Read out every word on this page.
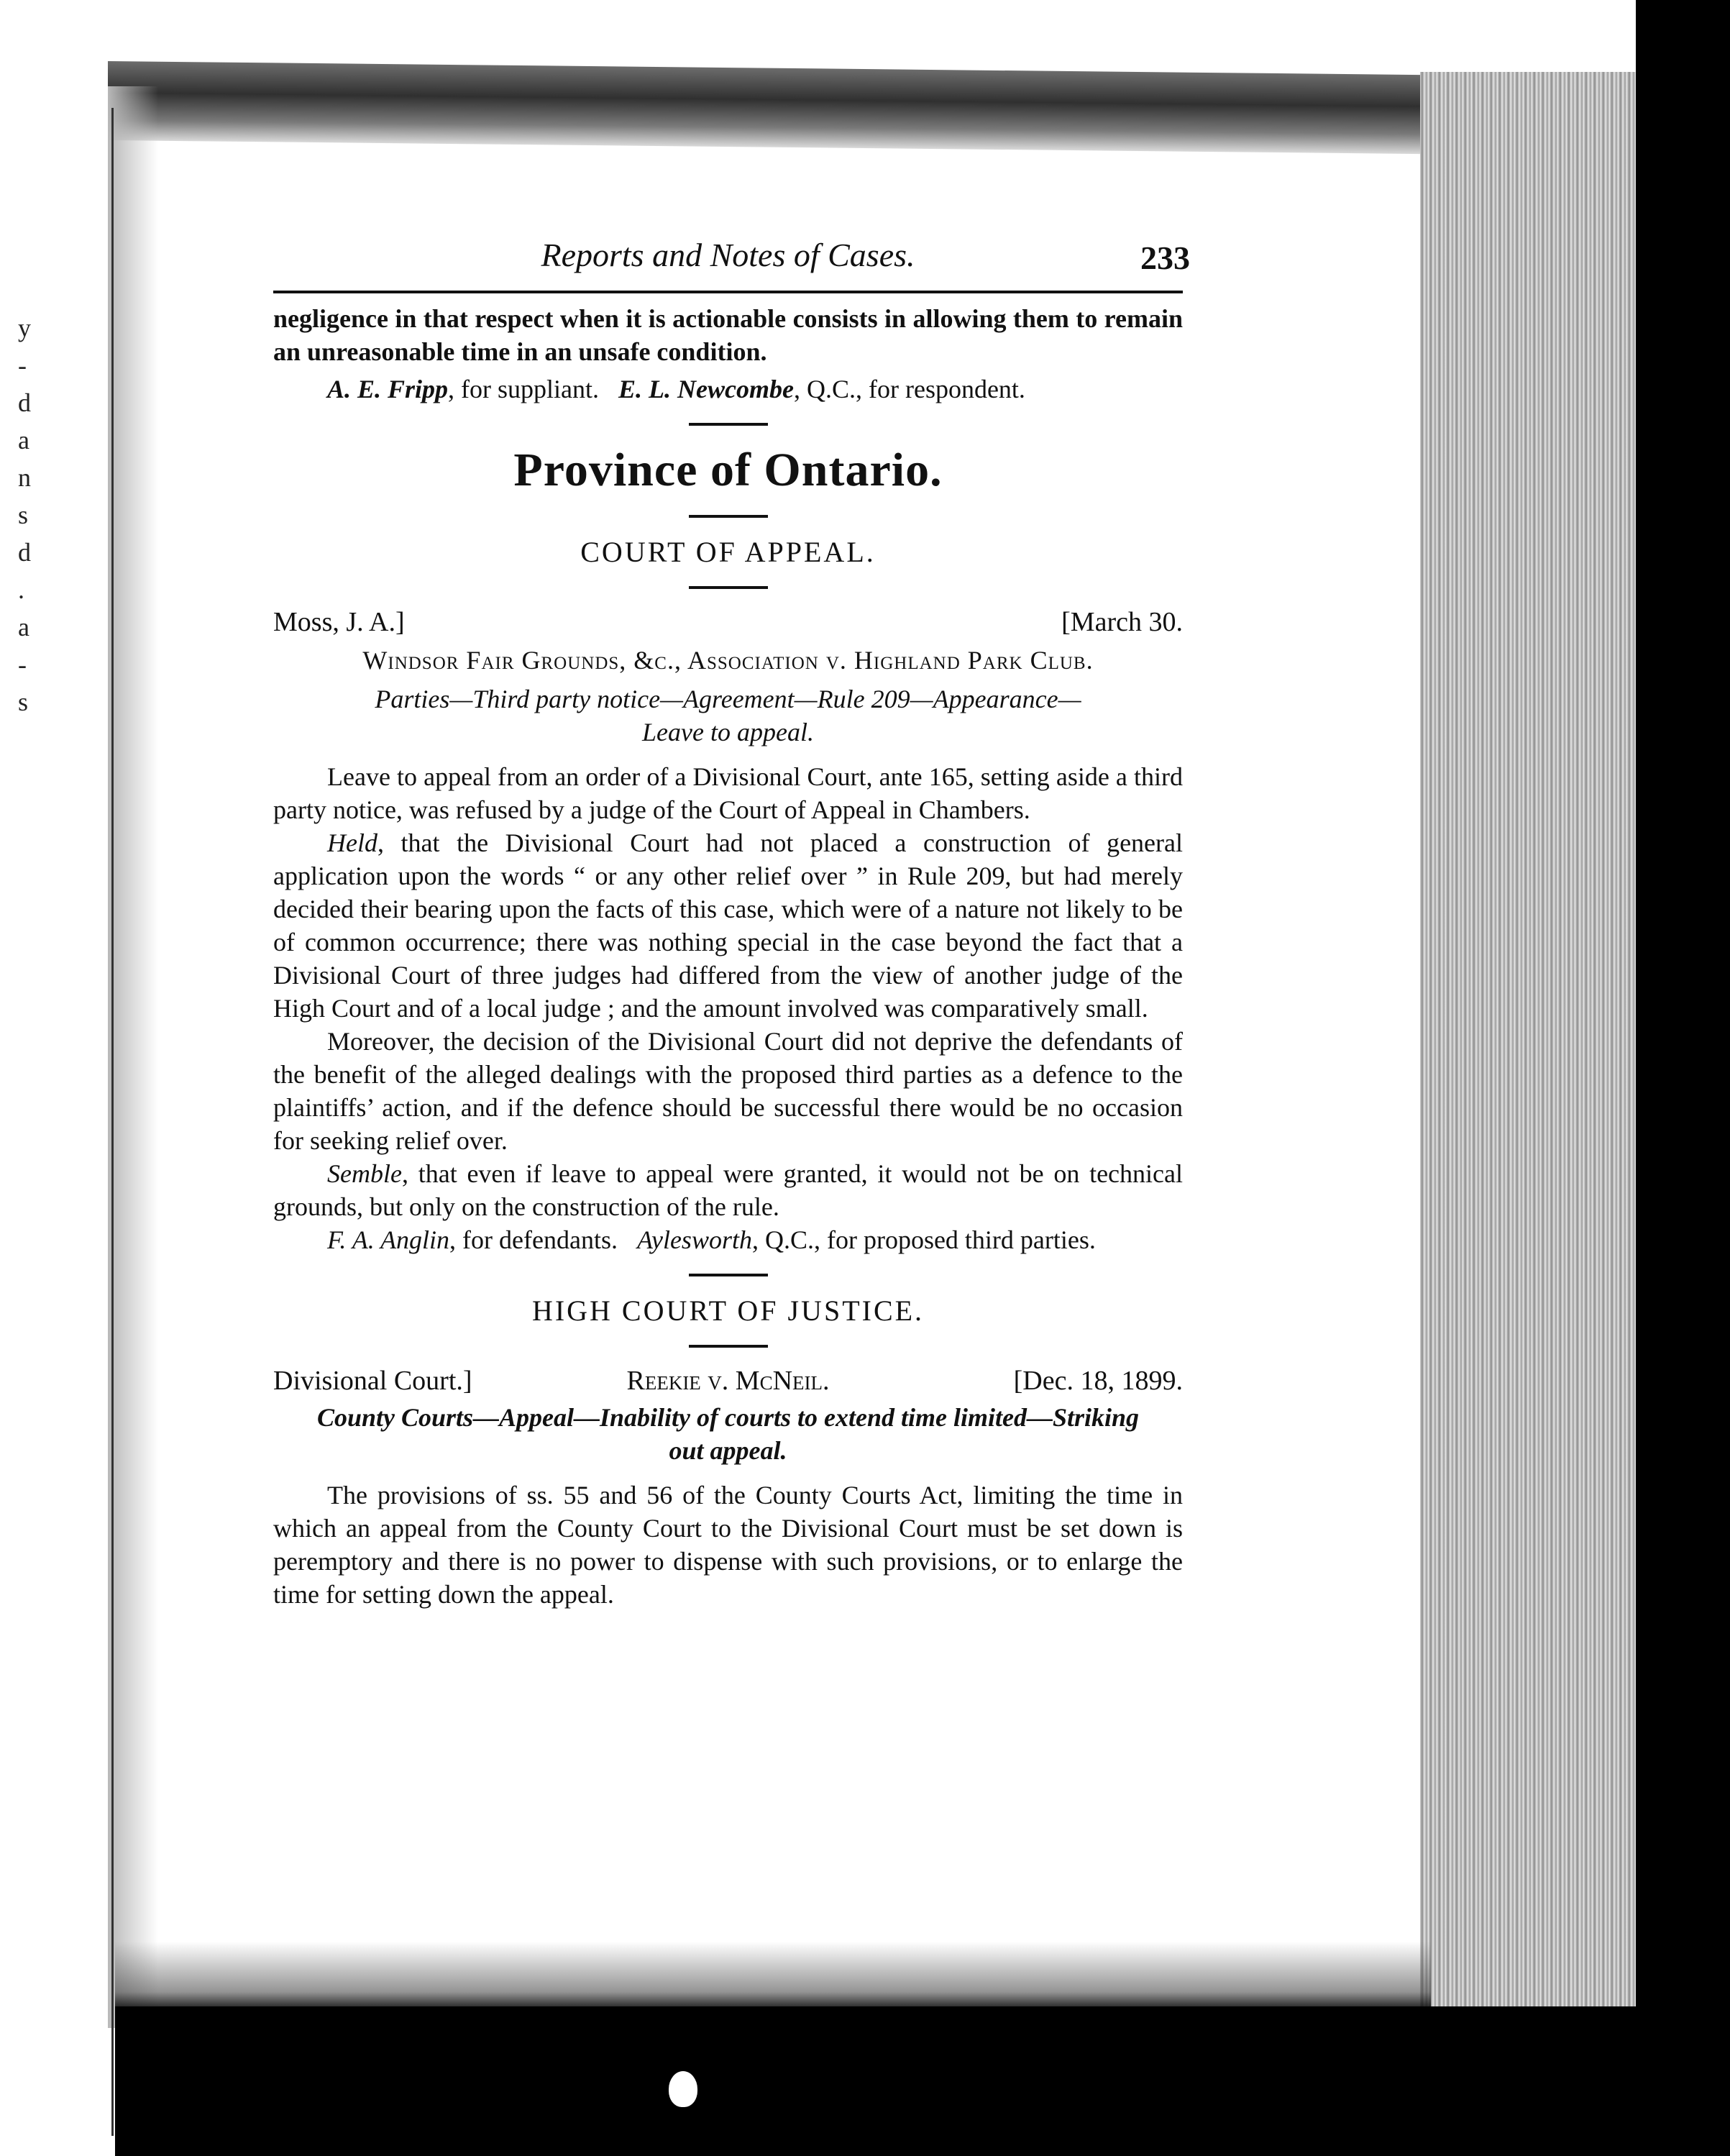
y
-
d
a
n
s
d
.
a
-
s
Reports and Notes of Cases.	233

negligence in that respect when it is actionable consists in allowing them to remain an unreasonable time in an unsafe condition.

A. E. Fripp, for suppliant. E. L. Newcombe, Q.C., for respondent.

Province of Ontario.
COURT OF APPEAL.
Moss, J. A.]	[March 30.
Windsor Fair Grounds, &c., Association v. Highland Park Club.
Parties—Third party notice—Agreement—Rule 209—Appearance—
Leave to appeal.

Leave to appeal from an order of a Divisional Court, ante 165, setting aside a third party notice, was refused by a judge of the Court of Appeal in Chambers.

Held, that the Divisional Court had not placed a construction of general application upon the words “ or any other relief over ” in Rule 209, but had merely decided their bearing upon the facts of this case, which were of a nature not likely to be of common occurrence; there was nothing special in the case beyond the fact that a Divisional Court of three judges had differed from the view of another judge of the High Court and of a local judge ; and the amount involved was comparatively small.

Moreover, the decision of the Divisional Court did not deprive the defendants of the benefit of the alleged dealings with the proposed third parties as a defence to the plaintiffs’ action, and if the defence should be successful there would be no occasion for seeking relief over.

Semble, that even if leave to appeal were granted, it would not be on technical grounds, but only on the construction of the rule.

F. A. Anglin, for defendants. Aylesworth, Q.C., for proposed third parties.

HIGH COURT OF JUSTICE.
Divisional Court.]	Reekie v. McNeil.	[Dec. 18, 1899.
County Courts—Appeal—Inability of courts to extend time limited—Striking
out appeal.

The provisions of ss. 55 and 56 of the County Courts Act, limiting the time in which an appeal from the County Court to the Divisional Court must be set down is peremptory and there is no power to dispense with such provisions, or to enlarge the time for setting down the appeal.
